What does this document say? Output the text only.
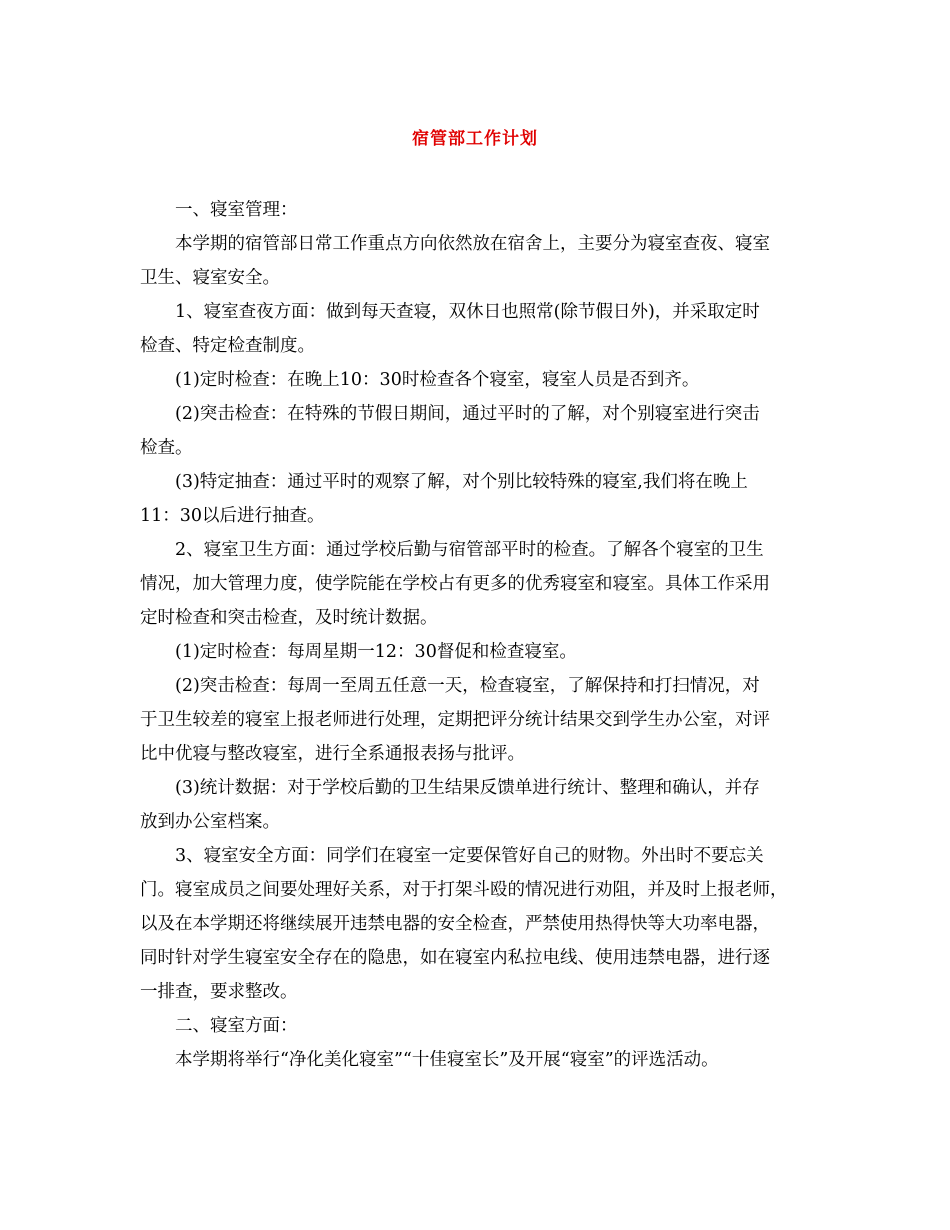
宿管部工作计划

一、寝室管理：

本学期的宿管部日常工作重点方向依然放在宿舍上，主要分为寝室查夜、寝室

卫生、寝室安全。

1、寝室查夜方面：做到每天查寝，双休日也照常(除节假日外)，并采取定时

检查、特定检查制度。

(1)定时检查：在晚上10：30时检查各个寝室，寝室人员是否到齐。

(2)突击检查：在特殊的节假日期间，通过平时的了解，对个别寝室进行突击

检查。

(3)特定抽查：通过平时的观察了解，对个别比较特殊的寝室,我们将在晚上

11：30以后进行抽查。

2、寝室卫生方面：通过学校后勤与宿管部平时的检查。了解各个寝室的卫生

情况，加大管理力度，使学院能在学校占有更多的优秀寝室和寝室。具体工作采用

定时检查和突击检查，及时统计数据。

(1)定时检查：每周星期一12：30督促和检查寝室。

(2)突击检查：每周一至周五任意一天，检查寝室，了解保持和打扫情况，对

于卫生较差的寝室上报老师进行处理，定期把评分统计结果交到学生办公室，对评

比中优寝与整改寝室，进行全系通报表扬与批评。

(3)统计数据：对于学校后勤的卫生结果反馈单进行统计、整理和确认，并存

放到办公室档案。

3、寝室安全方面：同学们在寝室一定要保管好自己的财物。外出时不要忘关

门。寝室成员之间要处理好关系，对于打架斗殴的情况进行劝阻，并及时上报老师，

以及在本学期还将继续展开违禁电器的安全检查，严禁使用热得快等大功率电器，

同时针对学生寝室安全存在的隐患，如在寝室内私拉电线、使用违禁电器，进行逐

一排查，要求整改。

二、寝室方面：

本学期将举行“净化美化寝室”“十佳寝室长”及开展“寝室”的评选活动。
